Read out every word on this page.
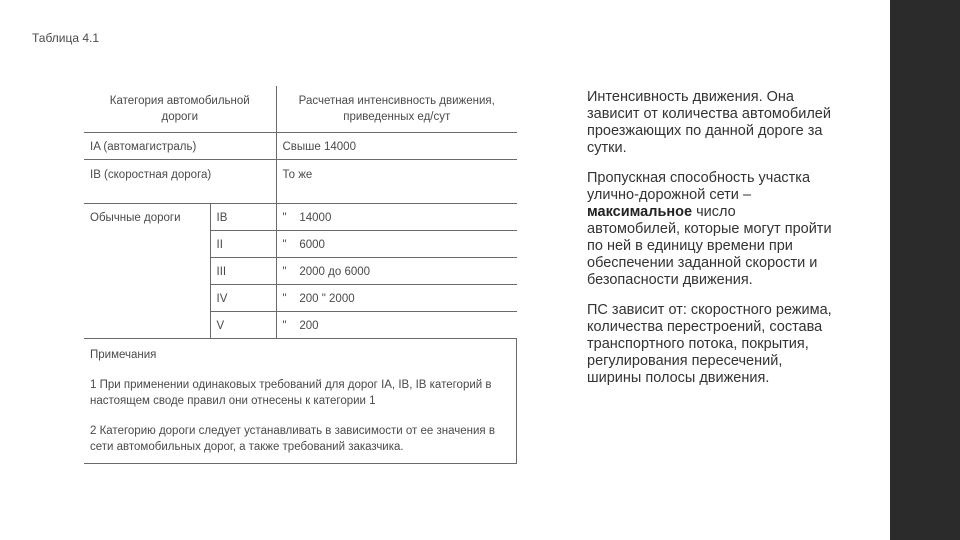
Таблица 4.1
Категория автомобильной дороги		Расчетная интенсивность движения, приведенных ед/сут
IA (автомагистраль)		Свыше 14000
IB (скоростная дорога)		То же
Обычные дороги	IB	" 14000
	II	" 6000
	III	" 2000 до 6000
	IV	" 200 " 2000
	V	" 200

Примечания

1 При применении одинаковых требований для дорог IA, IB, IB категорий в настоящем своде правил они отнесены к категории 1

2 Категорию дороги следует устанавливать в зависимости от ее значения в сети автомобильных дорог, а также требований заказчика.

Интенсивность движения. Она зависит от количества автомобилей проезжающих по данной дороге за сутки.

Пропускная способность участка улично-дорожной сети – максимальное число автомобилей, которые могут пройти по ней в единицу времени при обеспечении заданной скорости и безопасности движения.

ПС зависит от: скоростного режима, количества перестроений, состава транспортного потока, покрытия, регулирования пересечений, ширины полосы движения.
